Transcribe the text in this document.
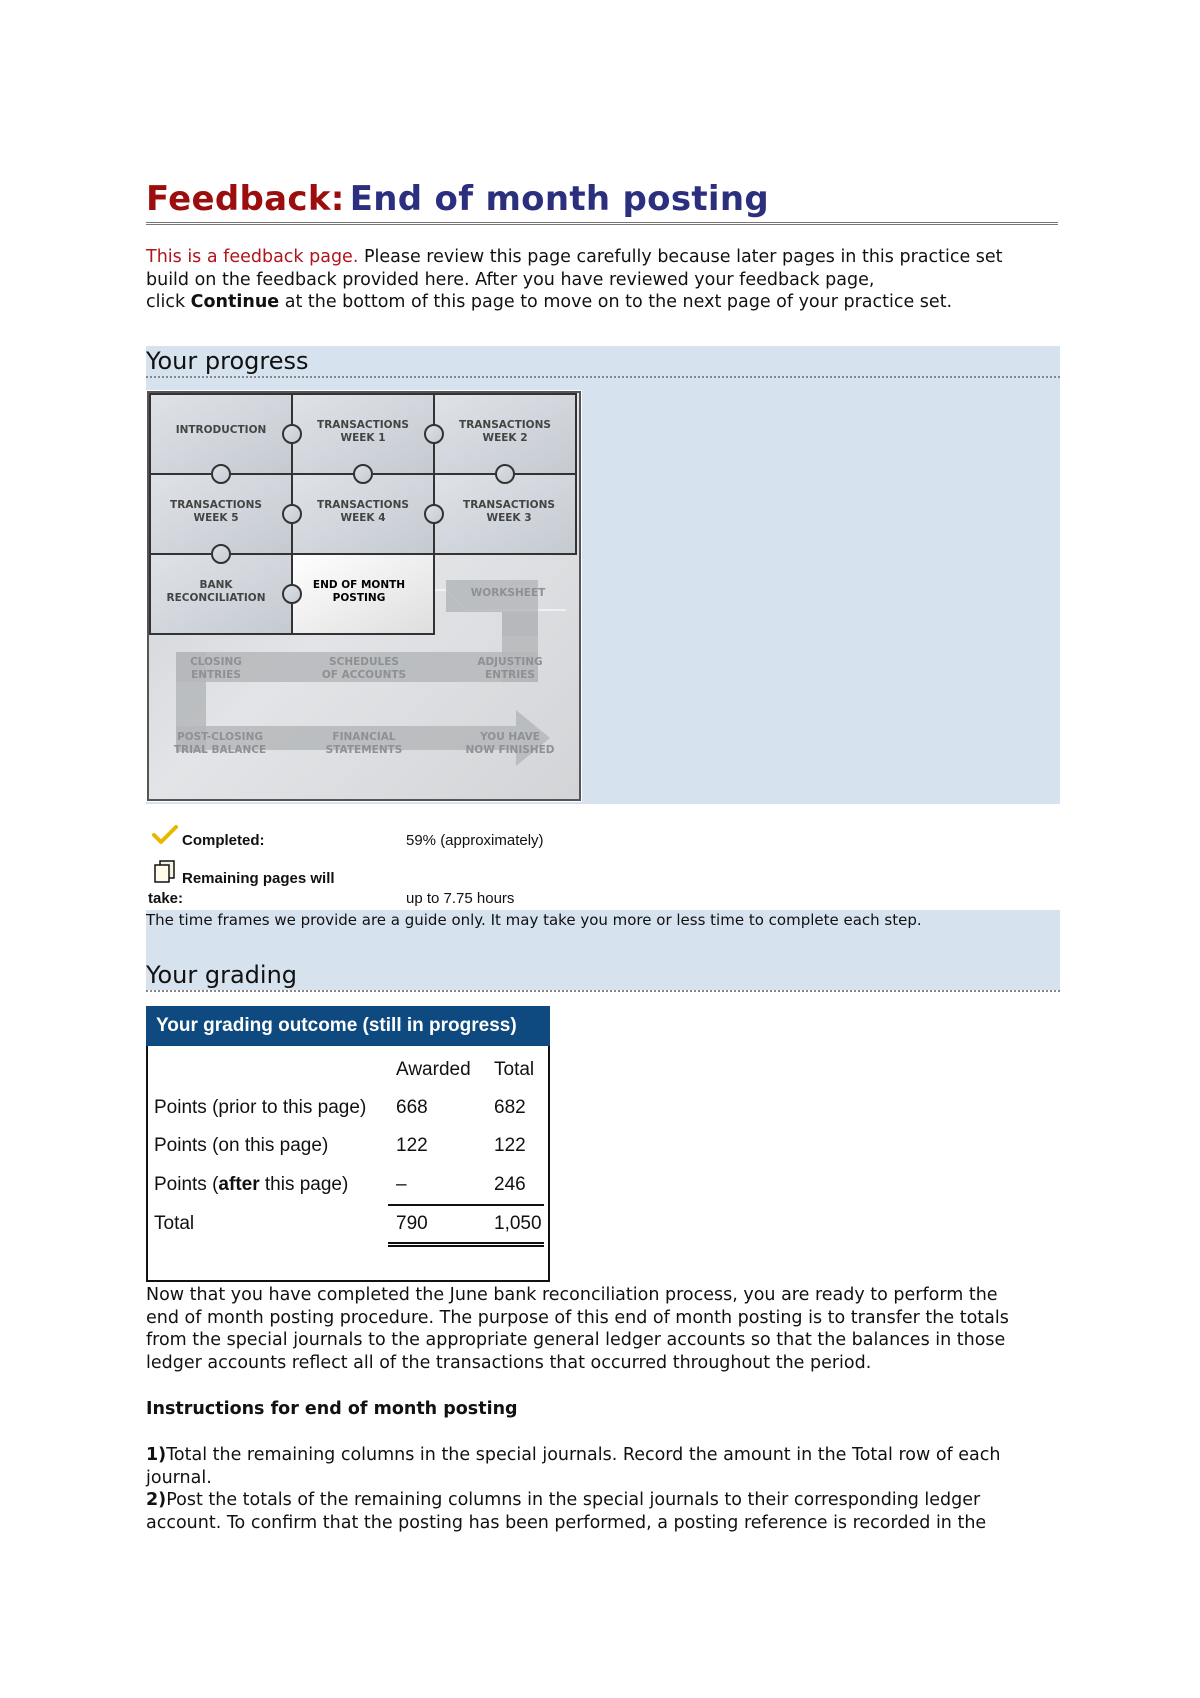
Feedback: End of month posting
This is a feedback page. Please review this page carefully because later pages in this practice set
build on the feedback provided here. After you have reviewed your feedback page,
click Continue at the bottom of this page to move on to the next page of your practice set.
Your progress
INTRODUCTION	TRANSACTIONS
WEEK 1
TRANSACTIONS
WEEK 2
TRANSACTIONS
WEEK 5
TRANSACTIONS
WEEK 4
TRANSACTIONS
WEEK 3
BANK
RECONCILIATION
END OF MONTH
POSTING	WORKSHEET
CLOSING
ENTRIES
SCHEDULES
OF ACCOUNTS
ADJUSTING
ENTRIES
POST-CLOSING
TRIAL BALANCE
FINANCIAL
STATEMENTS
YOU HAVE
NOW FINISHED
Completed:	59% (approximately)
Remaining pages will
take:	up to 7.75 hours
The time frames we provide are a guide only. It may take you more or less time to complete each step.
Your grading
Your grading outcome (still in progress)
Awarded Total
Points (prior to this page) 668	682
Points (on this page)	122	122
Points (after this page)	–	246
Total	790	1,050
Now that you have completed the June bank reconciliation process, you are ready to perform the
end of month posting procedure. The purpose of this end of month posting is to transfer the totals
from the special journals to the appropriate general ledger accounts so that the balances in those
ledger accounts reflect all of the transactions that occurred throughout the period.
Instructions for end of month posting
1)Total the remaining columns in the special journals. Record the amount in the Total row of each
journal.
2)Post the totals of the remaining columns in the special journals to their corresponding ledger
account. To confirm that the posting has been performed, a posting reference is recorded in the
